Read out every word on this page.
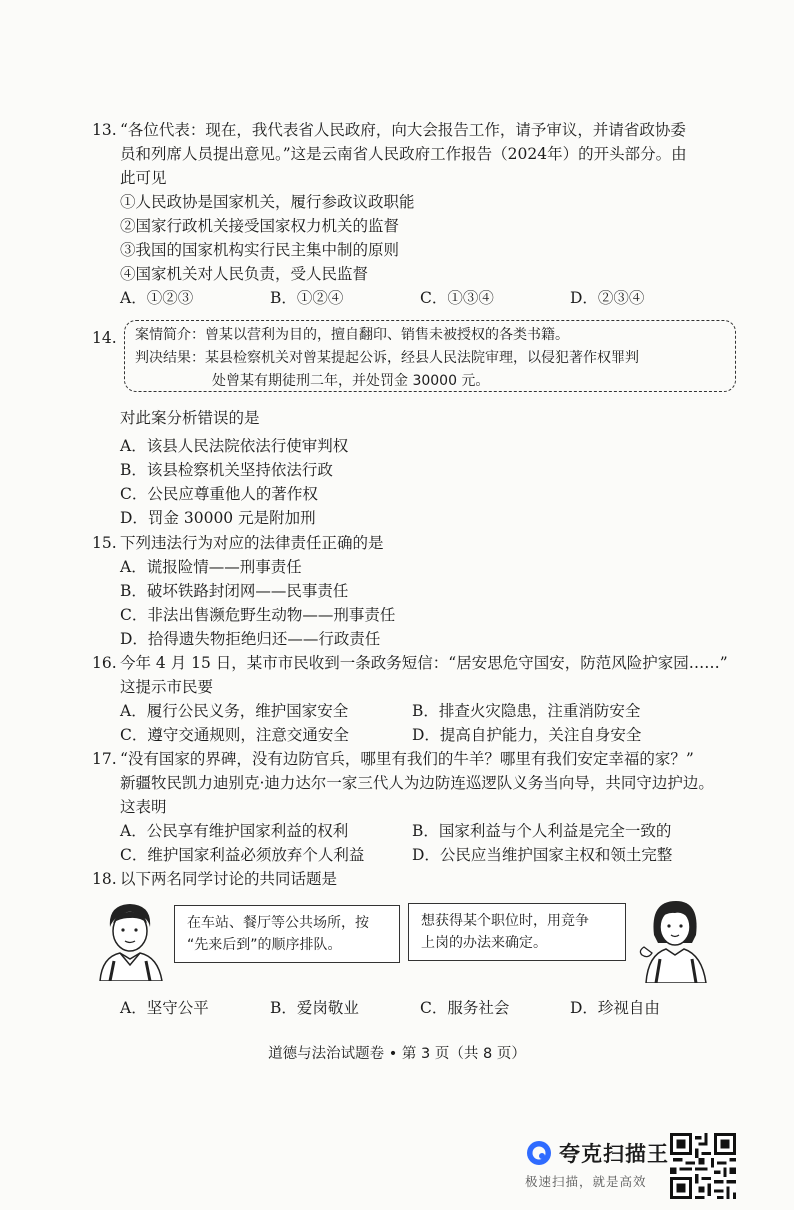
13. “各位代表：现在，我代表省人民政府，向大会报告工作，请予审议，并请省政协委
员和列席人员提出意见。”这是云南省人民政府工作报告（2024年）的开头部分。由
此可见
①人民政协是国家机关，履行参政议政职能
②国家行政机关接受国家权力机关的监督
③我国的国家机构实行民主集中制的原则
④国家机关对人民负责，受人民监督
A．①②③	B．①②④	C．①③④	D．②③④
14.	案情简介：曾某以营利为目的，擅自翻印、销售未被授权的各类书籍。
判决结果：某县检察机关对曾某提起公诉，经县人民法院审理，以侵犯著作权罪判
处曾某有期徒刑二年，并处罚金 30000 元。
对此案分析错误的是
A．该县人民法院依法行使审判权
B．该县检察机关坚持依法行政
C．公民应尊重他人的著作权
D．罚金 30000 元是附加刑
15. 下列违法行为对应的法律责任正确的是
A．谎报险情——刑事责任
B．破坏铁路封闭网——民事责任
C．非法出售濒危野生动物——刑事责任
D．拾得遗失物拒绝归还——行政责任
16. 今年 4 月 15 日，某市市民收到一条政务短信：“居安思危守国安，防范风险护家园……”
这提示市民要
A．履行公民义务，维护国家安全	B．排查火灾隐患，注重消防安全
C．遵守交通规则，注意交通安全	D．提高自护能力，关注自身安全
17. “没有国家的界碑，没有边防官兵，哪里有我们的牛羊？哪里有我们安定幸福的家？”
新疆牧民凯力迪别克·迪力达尔一家三代人为边防连巡逻队义务当向导，共同守边护边。
这表明
A．公民享有维护国家利益的权利	B．国家利益与个人利益是完全一致的
C．维护国家利益必须放弃个人利益	D．公民应当维护国家主权和领土完整
18. 以下两名同学讨论的共同话题是
在车站、餐厅等公共场所，按
“先来后到”的顺序排队。
想获得某个职位时，用竞争
上岗的办法来确定。
A．坚守公平	B．爱岗敬业	C．服务社会	D．珍视自由
道德与法治试题卷 • 第 3 页（共 8 页）
夸克扫描王
极速扫描，就是高效
